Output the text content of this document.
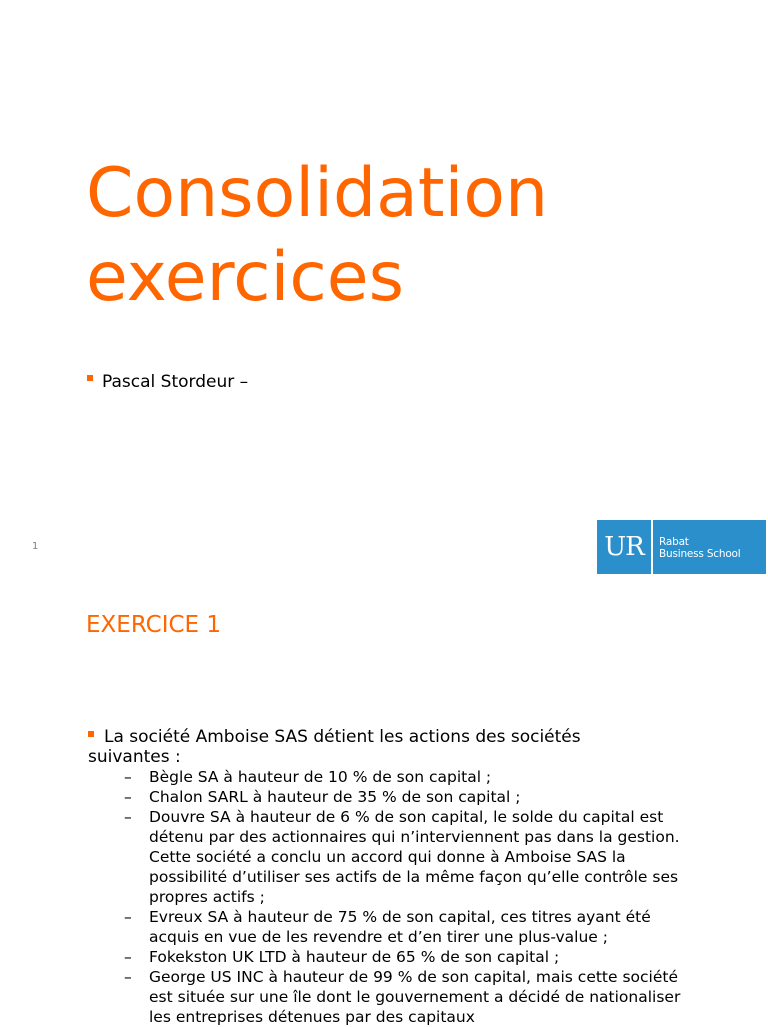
Consolidation
exercices
Pascal Stordeur –
1	UR	Rabat
Business School
EXERCICE 1
La société Amboise SAS détient les actions des sociétés
suivantes :
– Bègle SA à hauteur de 10 % de son capital ;
– Chalon SARL à hauteur de 35 % de son capital ;
– Douvre SA à hauteur de 6 % de son capital, le solde du capital est détenu par des actionnaires qui n’interviennent pas dans la gestion. Cette société a conclu un accord qui donne à Amboise SAS la possibilité d’utiliser ses actifs de la même façon qu’elle contrôle ses propres actifs ;
– Evreux SA à hauteur de 75 % de son capital, ces titres ayant été acquis en vue de les revendre et d’en tirer une plus-value ;
– Fokekston UK LTD à hauteur de 65 % de son capital ;
– George US INC à hauteur de 99 % de son capital, mais cette société est située sur une île dont le gouvernement a décidé de nationaliser les entreprises détenues par des capitaux
